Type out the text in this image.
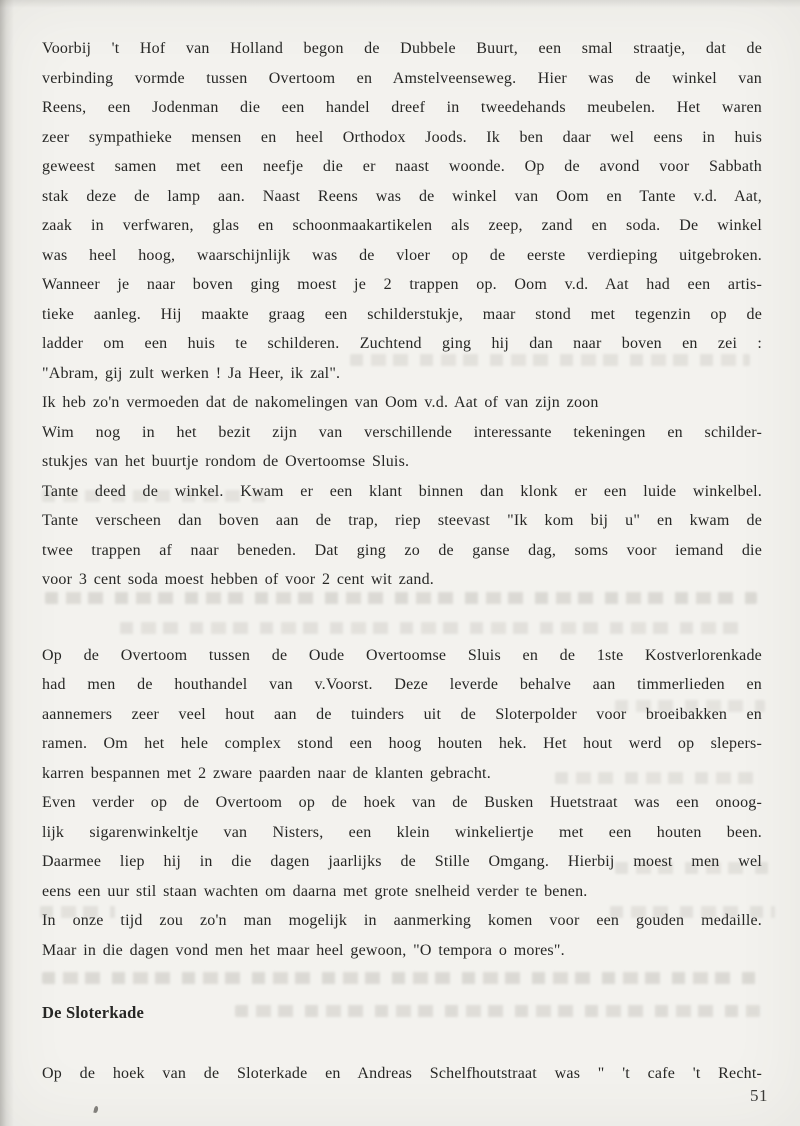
Voorbij 't Hof van Holland begon de Dubbele Buurt, een smal straatje, dat de
verbinding vormde tussen Overtoom en Amstelveenseweg. Hier was de winkel van
Reens, een Jodenman die een handel dreef in tweedehands meubelen. Het waren
zeer sympathieke mensen en heel Orthodox Joods. Ik ben daar wel eens in huis
geweest samen met een neefje die er naast woonde. Op de avond voor Sabbath
stak deze de lamp aan. Naast Reens was de winkel van Oom en Tante v.d. Aat,
zaak in verfwaren, glas en schoonmaakartikelen als zeep, zand en soda. De winkel
was heel hoog, waarschijnlijk was de vloer op de eerste verdieping uitgebroken.
Wanneer je naar boven ging moest je 2 trappen op. Oom v.d. Aat had een artis-
tieke aanleg. Hij maakte graag een schilderstukje, maar stond met tegenzin op de
ladder om een huis te schilderen. Zuchtend ging hij dan naar boven en zei :
"Abram, gij zult werken ! Ja Heer, ik zal".
Ik heb zo'n vermoeden dat de nakomelingen van Oom v.d. Aat of van zijn zoon
Wim nog in het bezit zijn van verschillende interessante tekeningen en schilder-
stukjes van het buurtje rondom de Overtoomse Sluis.
Tante deed de winkel. Kwam er een klant binnen dan klonk er een luide winkelbel.
Tante verscheen dan boven aan de trap, riep steevast "Ik kom bij u" en kwam de
twee trappen af naar beneden. Dat ging zo de ganse dag, soms voor iemand die
voor 3 cent soda moest hebben of voor 2 cent wit zand.
Op de Overtoom tussen de Oude Overtoomse Sluis en de 1ste Kostverlorenkade
had men de houthandel van v.Voorst. Deze leverde behalve aan timmerlieden en
aannemers zeer veel hout aan de tuinders uit de Sloterpolder voor broeibakken en
ramen. Om het hele complex stond een hoog houten hek. Het hout werd op slepers-
karren bespannen met 2 zware paarden naar de klanten gebracht.
Even verder op de Overtoom op de hoek van de Busken Huetstraat was een onoog-
lijk sigarenwinkeltje van Nisters, een klein winkeliertje met een houten been.
Daarmee liep hij in die dagen jaarlijks de Stille Omgang. Hierbij moest men wel
eens een uur stil staan wachten om daarna met grote snelheid verder te benen.
In onze tijd zou zo'n man mogelijk in aanmerking komen voor een gouden medaille.
Maar in die dagen vond men het maar heel gewoon, "O tempora o mores".
De Sloterkade
Op de hoek van de Sloterkade en Andreas Schelfhoutstraat was " 't cafe 't Recht-
51
